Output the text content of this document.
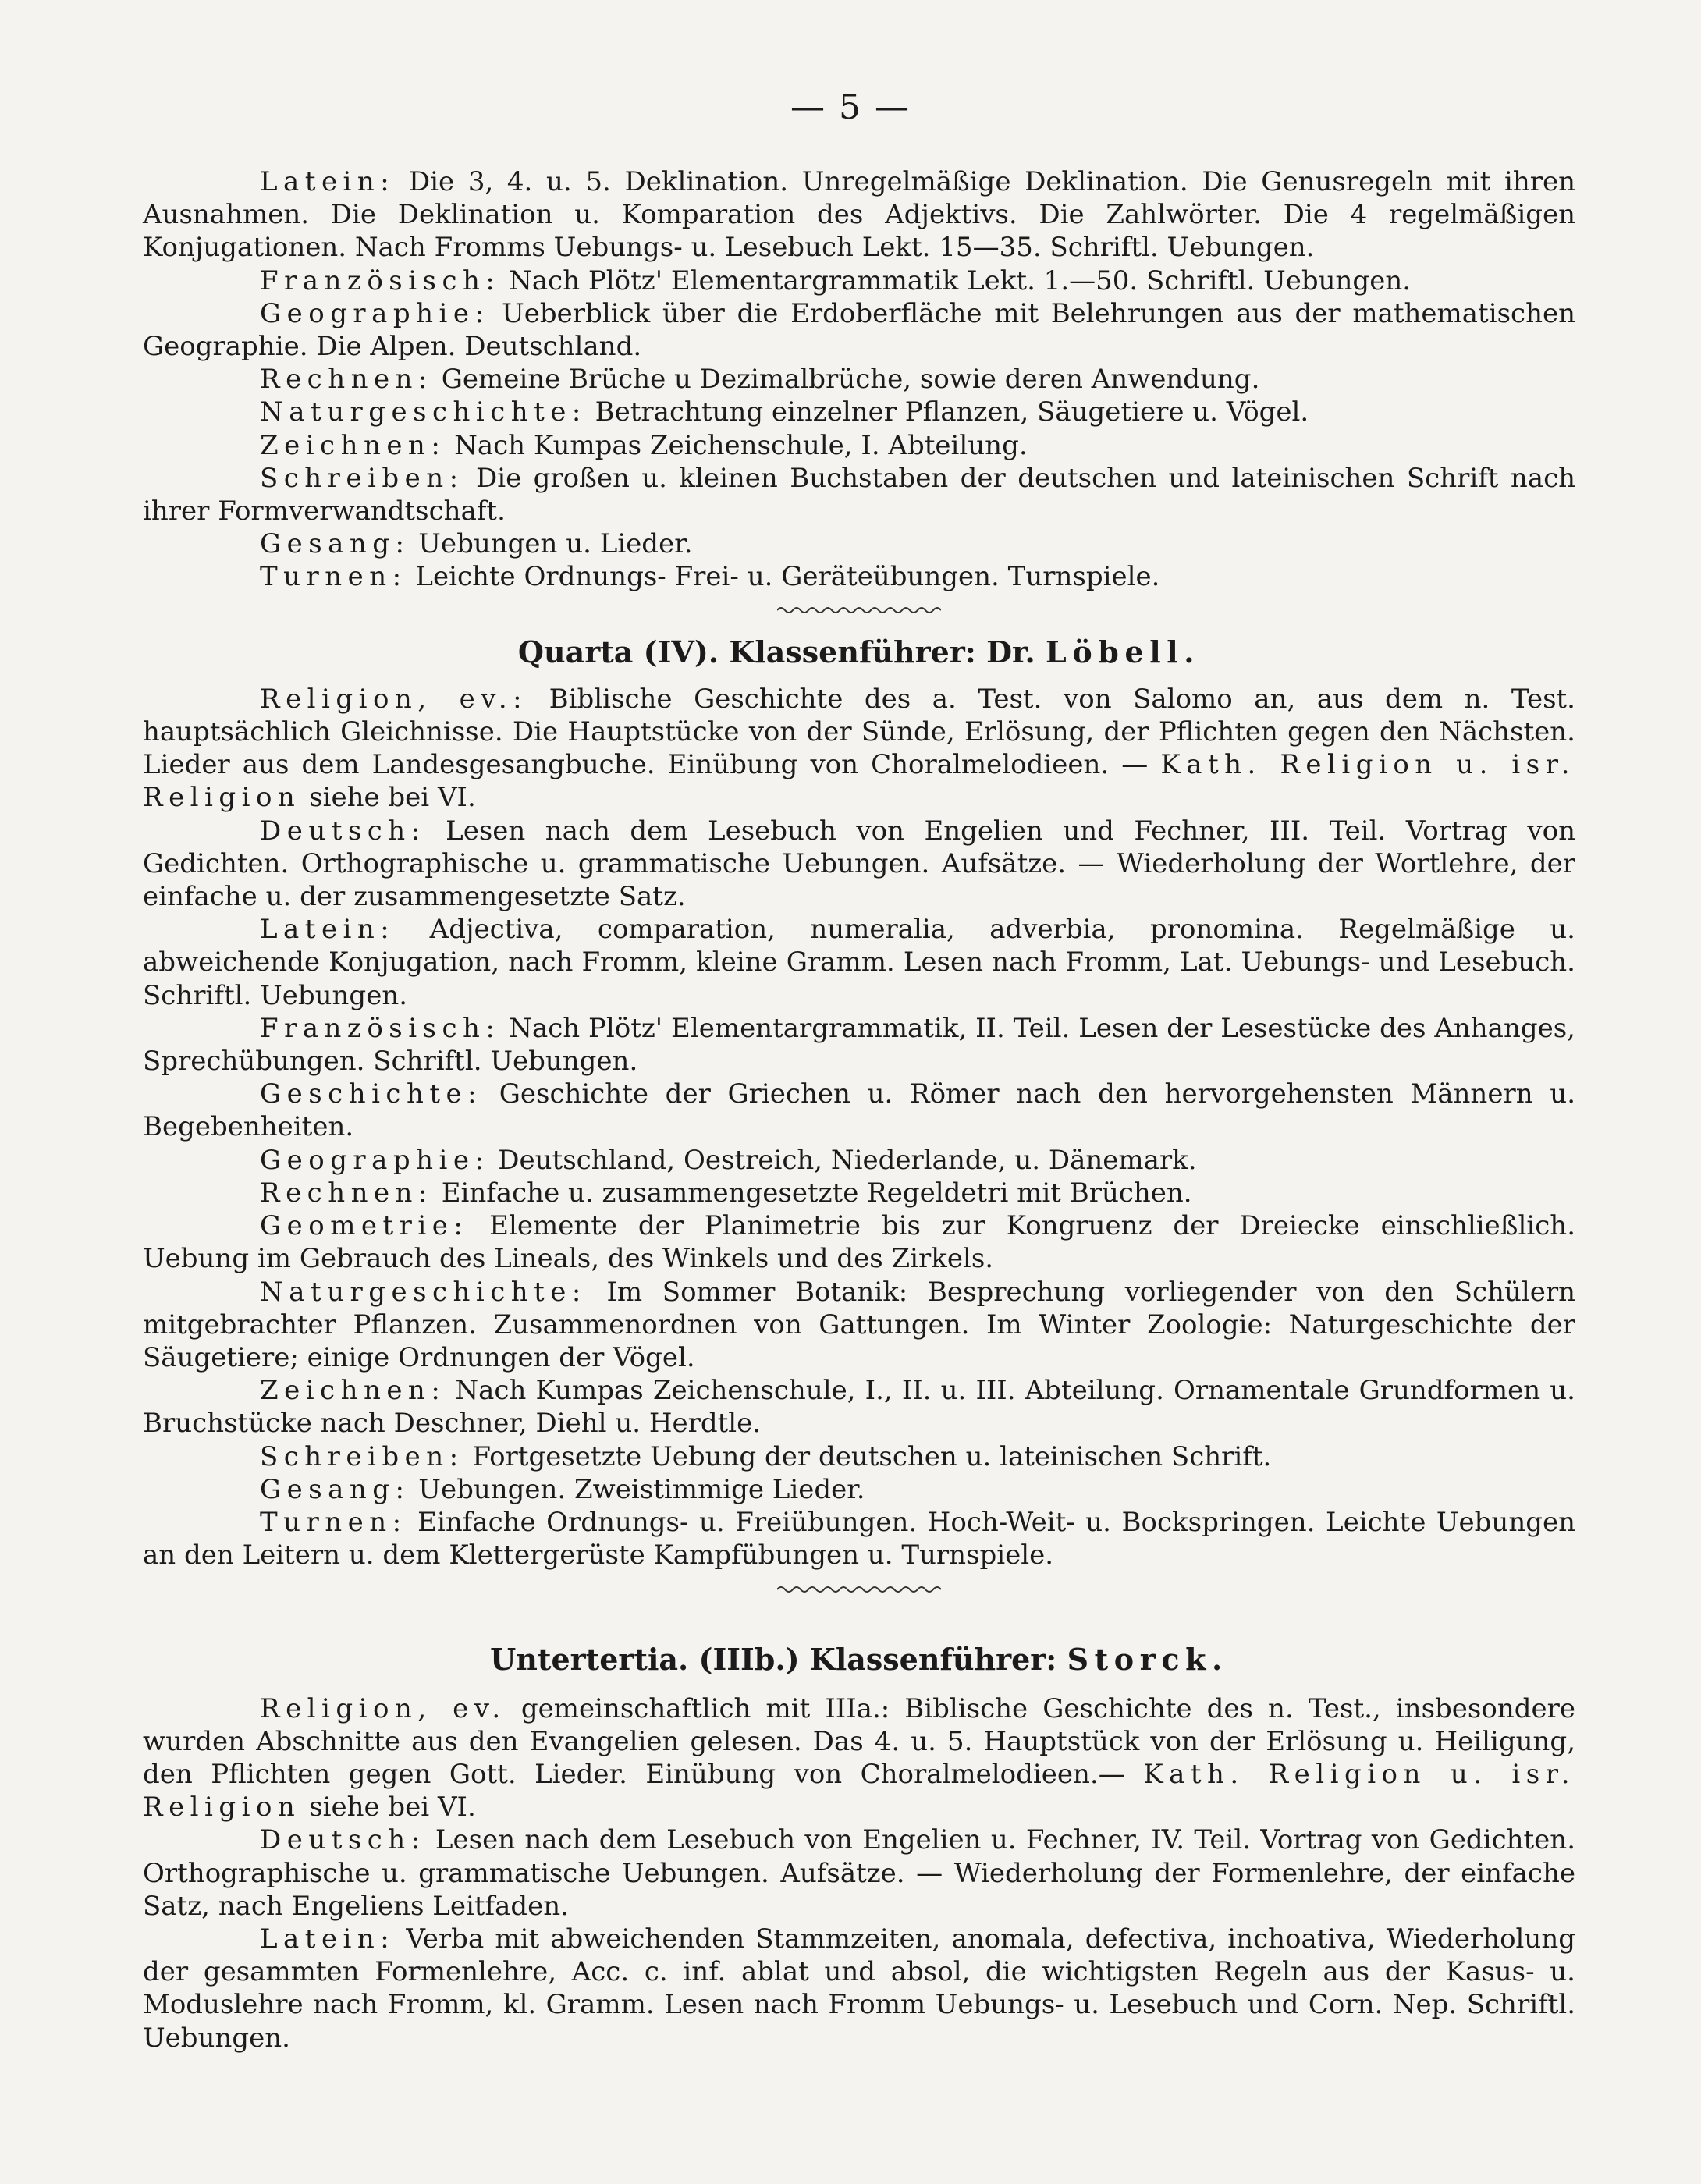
— 5 —
Latein: Die 3, 4. u. 5. Deklination. Unregelmäßige Deklination. Die Genusregeln mit ihren Ausnahmen. Die Deklination u. Komparation des Adjektivs. Die Zahlwörter. Die 4 regelmäßigen Konjugationen. Nach Fromms Uebungs- u. Lesebuch Lekt. 15—35. Schriftl. Uebungen.
Französisch: Nach Plötz' Elementargrammatik Lekt. 1.—50. Schriftl. Uebungen.
Geographie: Ueberblick über die Erdoberfläche mit Belehrungen aus der mathematischen Geographie. Die Alpen. Deutschland.
Rechnen: Gemeine Brüche u Dezimalbrüche, sowie deren Anwendung.
Naturgeschichte: Betrachtung einzelner Pflanzen, Säugetiere u. Vögel.
Zeichnen: Nach Kumpas Zeichenschule, I. Abteilung.
Schreiben: Die großen u. kleinen Buchstaben der deutschen und lateinischen Schrift nach ihrer Formverwandtschaft.
Gesang: Uebungen u. Lieder.
Turnen: Leichte Ordnungs- Frei- u. Geräteübungen. Turnspiele.
Quarta (IV). Klassenführer: Dr. Löbell.
Religion, ev.: Biblische Geschichte des a. Test. von Salomo an, aus dem n. Test. hauptsächlich Gleichnisse. Die Hauptstücke von der Sünde, Erlösung, der Pflichten gegen den Nächsten. Lieder aus dem Landesgesangbuche. Einübung von Choralmelodieen. — Kath. Religion u. isr. Religion siehe bei VI.
Deutsch: Lesen nach dem Lesebuch von Engelien und Fechner, III. Teil. Vortrag von Gedichten. Orthographische u. grammatische Uebungen. Aufsätze. — Wiederholung der Wortlehre, der einfache u. der zusammengesetzte Satz.
Latein: Adjectiva, comparation, numeralia, adverbia, pronomina. Regelmäßige u. abweichende Konjugation, nach Fromm, kleine Gramm. Lesen nach Fromm, Lat. Uebungs- und Lesebuch. Schriftl. Uebungen.
Französisch: Nach Plötz' Elementargrammatik, II. Teil. Lesen der Lesestücke des Anhanges, Sprechübungen. Schriftl. Uebungen.
Geschichte: Geschichte der Griechen u. Römer nach den hervorgehensten Männern u. Begebenheiten.
Geographie: Deutschland, Oestreich, Niederlande, u. Dänemark.
Rechnen: Einfache u. zusammengesetzte Regeldetri mit Brüchen.
Geometrie: Elemente der Planimetrie bis zur Kongruenz der Dreiecke einschließlich. Uebung im Gebrauch des Lineals, des Winkels und des Zirkels.
Naturgeschichte: Im Sommer Botanik: Besprechung vorliegender von den Schülern mitgebrachter Pflanzen. Zusammenordnen von Gattungen. Im Winter Zoologie: Naturgeschichte der Säugetiere; einige Ordnungen der Vögel.
Zeichnen: Nach Kumpas Zeichenschule, I., II. u. III. Abteilung. Ornamentale Grundformen u. Bruchstücke nach Deschner, Diehl u. Herdtle.
Schreiben: Fortgesetzte Uebung der deutschen u. lateinischen Schrift.
Gesang: Uebungen. Zweistimmige Lieder.
Turnen: Einfache Ordnungs- u. Freiübungen. Hoch-Weit- u. Bockspringen. Leichte Uebungen an den Leitern u. dem Klettergerüste Kampfübungen u. Turnspiele.
Untertertia. (IIIb.) Klassenführer: Storck.
Religion, ev. gemeinschaftlich mit IIIa.: Biblische Geschichte des n. Test., insbesondere wurden Abschnitte aus den Evangelien gelesen. Das 4. u. 5. Hauptstück von der Erlösung u. Heiligung, den Pflichten gegen Gott. Lieder. Einübung von Choralmelodieen.— Kath. Religion u. isr. Religion siehe bei VI.
Deutsch: Lesen nach dem Lesebuch von Engelien u. Fechner, IV. Teil. Vortrag von Gedichten. Orthographische u. grammatische Uebungen. Aufsätze. — Wiederholung der Formenlehre, der einfache Satz, nach Engeliens Leitfaden.
Latein: Verba mit abweichenden Stammzeiten, anomala, defectiva, inchoativa, Wiederholung der gesammten Formenlehre, Acc. c. inf. ablat und absol, die wichtigsten Regeln aus der Kasus- u. Moduslehre nach Fromm, kl. Gramm. Lesen nach Fromm Uebungs- u. Lesebuch und Corn. Nep. Schriftl. Uebungen.
